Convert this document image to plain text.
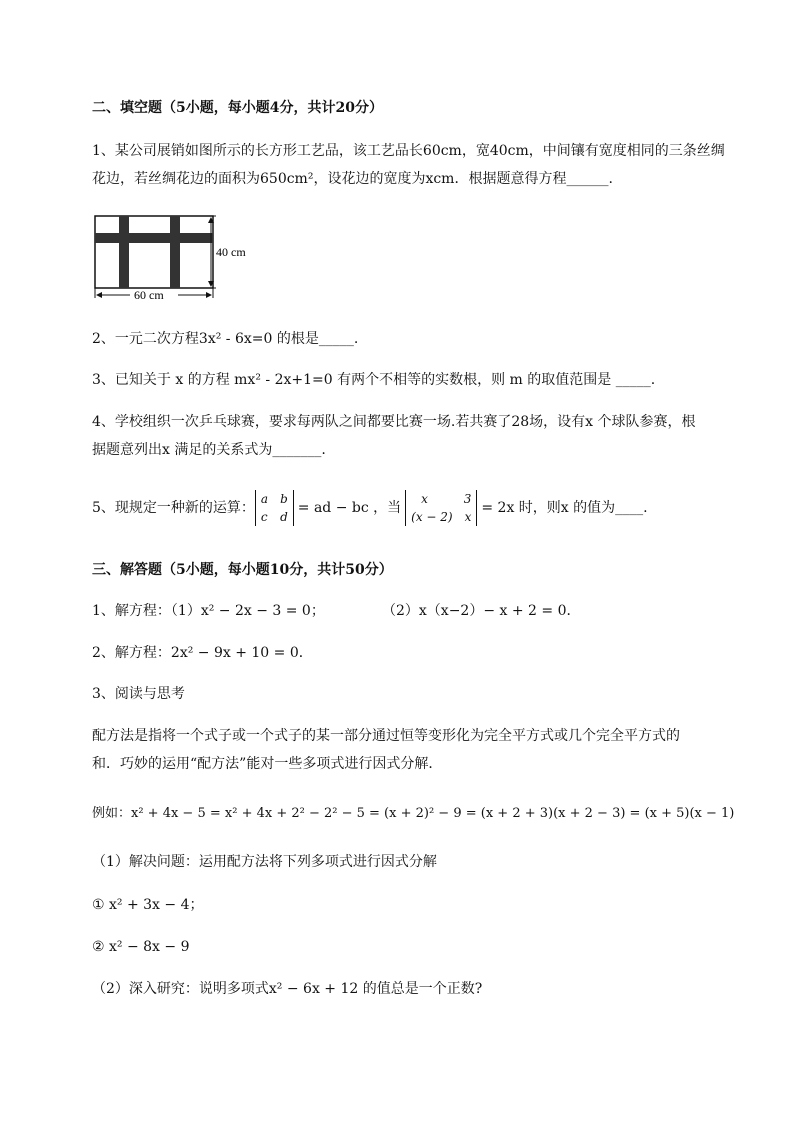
二、填空题（5小题，每小题4分，共计20分）
1、某公司展销如图所示的长方形工艺品，该工艺品长60cm，宽40cm，中间镶有宽度相同的三条丝绸
花边，若丝绸花边的面积为650cm²，设花边的宽度为xcm．根据题意得方程______.
40 cm
60 cm
2、一元二次方程3x² - 6x=0 的根是_____.
3、已知关于 x 的方程 mx² - 2x+1=0 有两个不相等的实数根，则 m 的取值范围是 _____.
4、学校组织一次乒乓球赛，要求每两队之间都要比赛一场.若共赛了28场，设有x 个球队参赛，根
据题意列出x 满足的关系式为_______.
5、现规定一种新的运算：
a b
c d
= ad − bc ，当
x	3
(x − 2) x
= 2x 时，则x 的值为____.
三、解答题（5小题，每小题10分，共计50分）
1、解方程：（1）x² − 2x − 3 = 0；	（2）x（x−2）− x + 2 = 0．
2、解方程：2x² − 9x + 10 = 0．
3、阅读与思考
配方法是指将一个式子或一个式子的某一部分通过恒等变形化为完全平方式或几个完全平方式的
和．巧妙的运用“配方法”能对一些多项式进行因式分解．
例如：x² + 4x − 5 = x² + 4x + 2² − 2² − 5 = (x + 2)² − 9 = (x + 2 + 3)(x + 2 − 3) = (x + 5)(x − 1)
（1）解决问题：运用配方法将下列多项式进行因式分解
① x² + 3x − 4；
② x² − 8x − 9
（2）深入研究：说明多项式x² − 6x + 12 的值总是一个正数?
